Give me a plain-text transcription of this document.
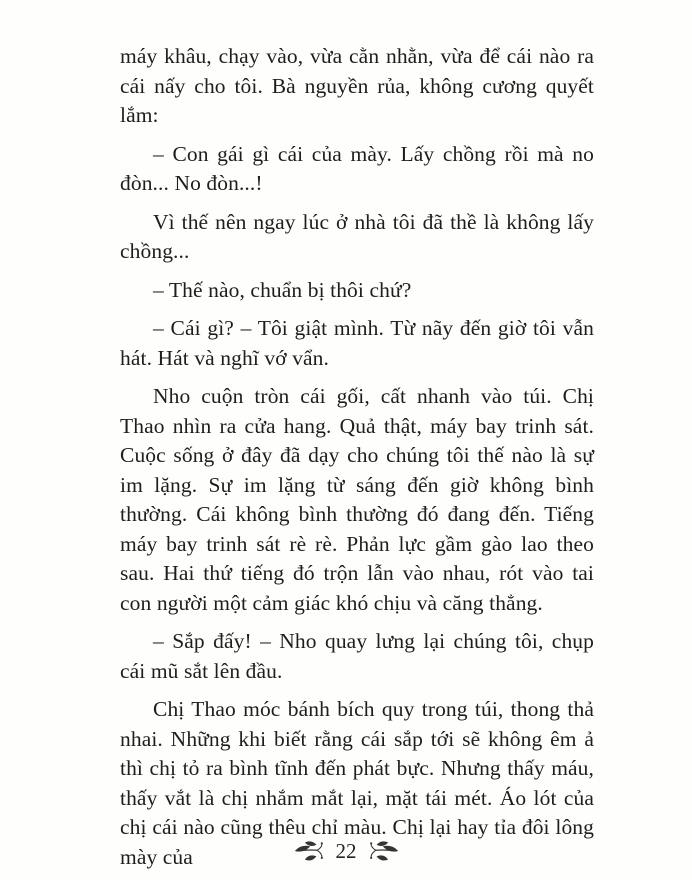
máy khâu, chạy vào, vừa cằn nhằn, vừa để cái nào ra cái nấy cho tôi. Bà nguyền rủa, không cương quyết lắm:

– Con gái gì cái của mày. Lấy chồng rồi mà no đòn... No đòn...!

Vì thế nên ngay lúc ở nhà tôi đã thề là không lấy chồng...

– Thế nào, chuẩn bị thôi chứ?

– Cái gì? – Tôi giật mình. Từ nãy đến giờ tôi vẫn hát. Hát và nghĩ vớ vẩn.

Nho cuộn tròn cái gối, cất nhanh vào túi. Chị Thao nhìn ra cửa hang. Quả thật, máy bay trinh sát. Cuộc sống ở đây đã dạy cho chúng tôi thế nào là sự im lặng. Sự im lặng từ sáng đến giờ không bình thường. Cái không bình thường đó đang đến. Tiếng máy bay trinh sát rè rè. Phản lực gầm gào lao theo sau. Hai thứ tiếng đó trộn lẫn vào nhau, rót vào tai con người một cảm giác khó chịu và căng thẳng.

– Sắp đấy! – Nho quay lưng lại chúng tôi, chụp cái mũ sắt lên đầu.

Chị Thao móc bánh bích quy trong túi, thong thả nhai. Những khi biết rằng cái sắp tới sẽ không êm ả thì chị tỏ ra bình tĩnh đến phát bực. Nhưng thấy máu, thấy vắt là chị nhắm mắt lại, mặt tái mét. Áo lót của chị cái nào cũng thêu chỉ màu. Chị lại hay tỉa đôi lông mày của	22
